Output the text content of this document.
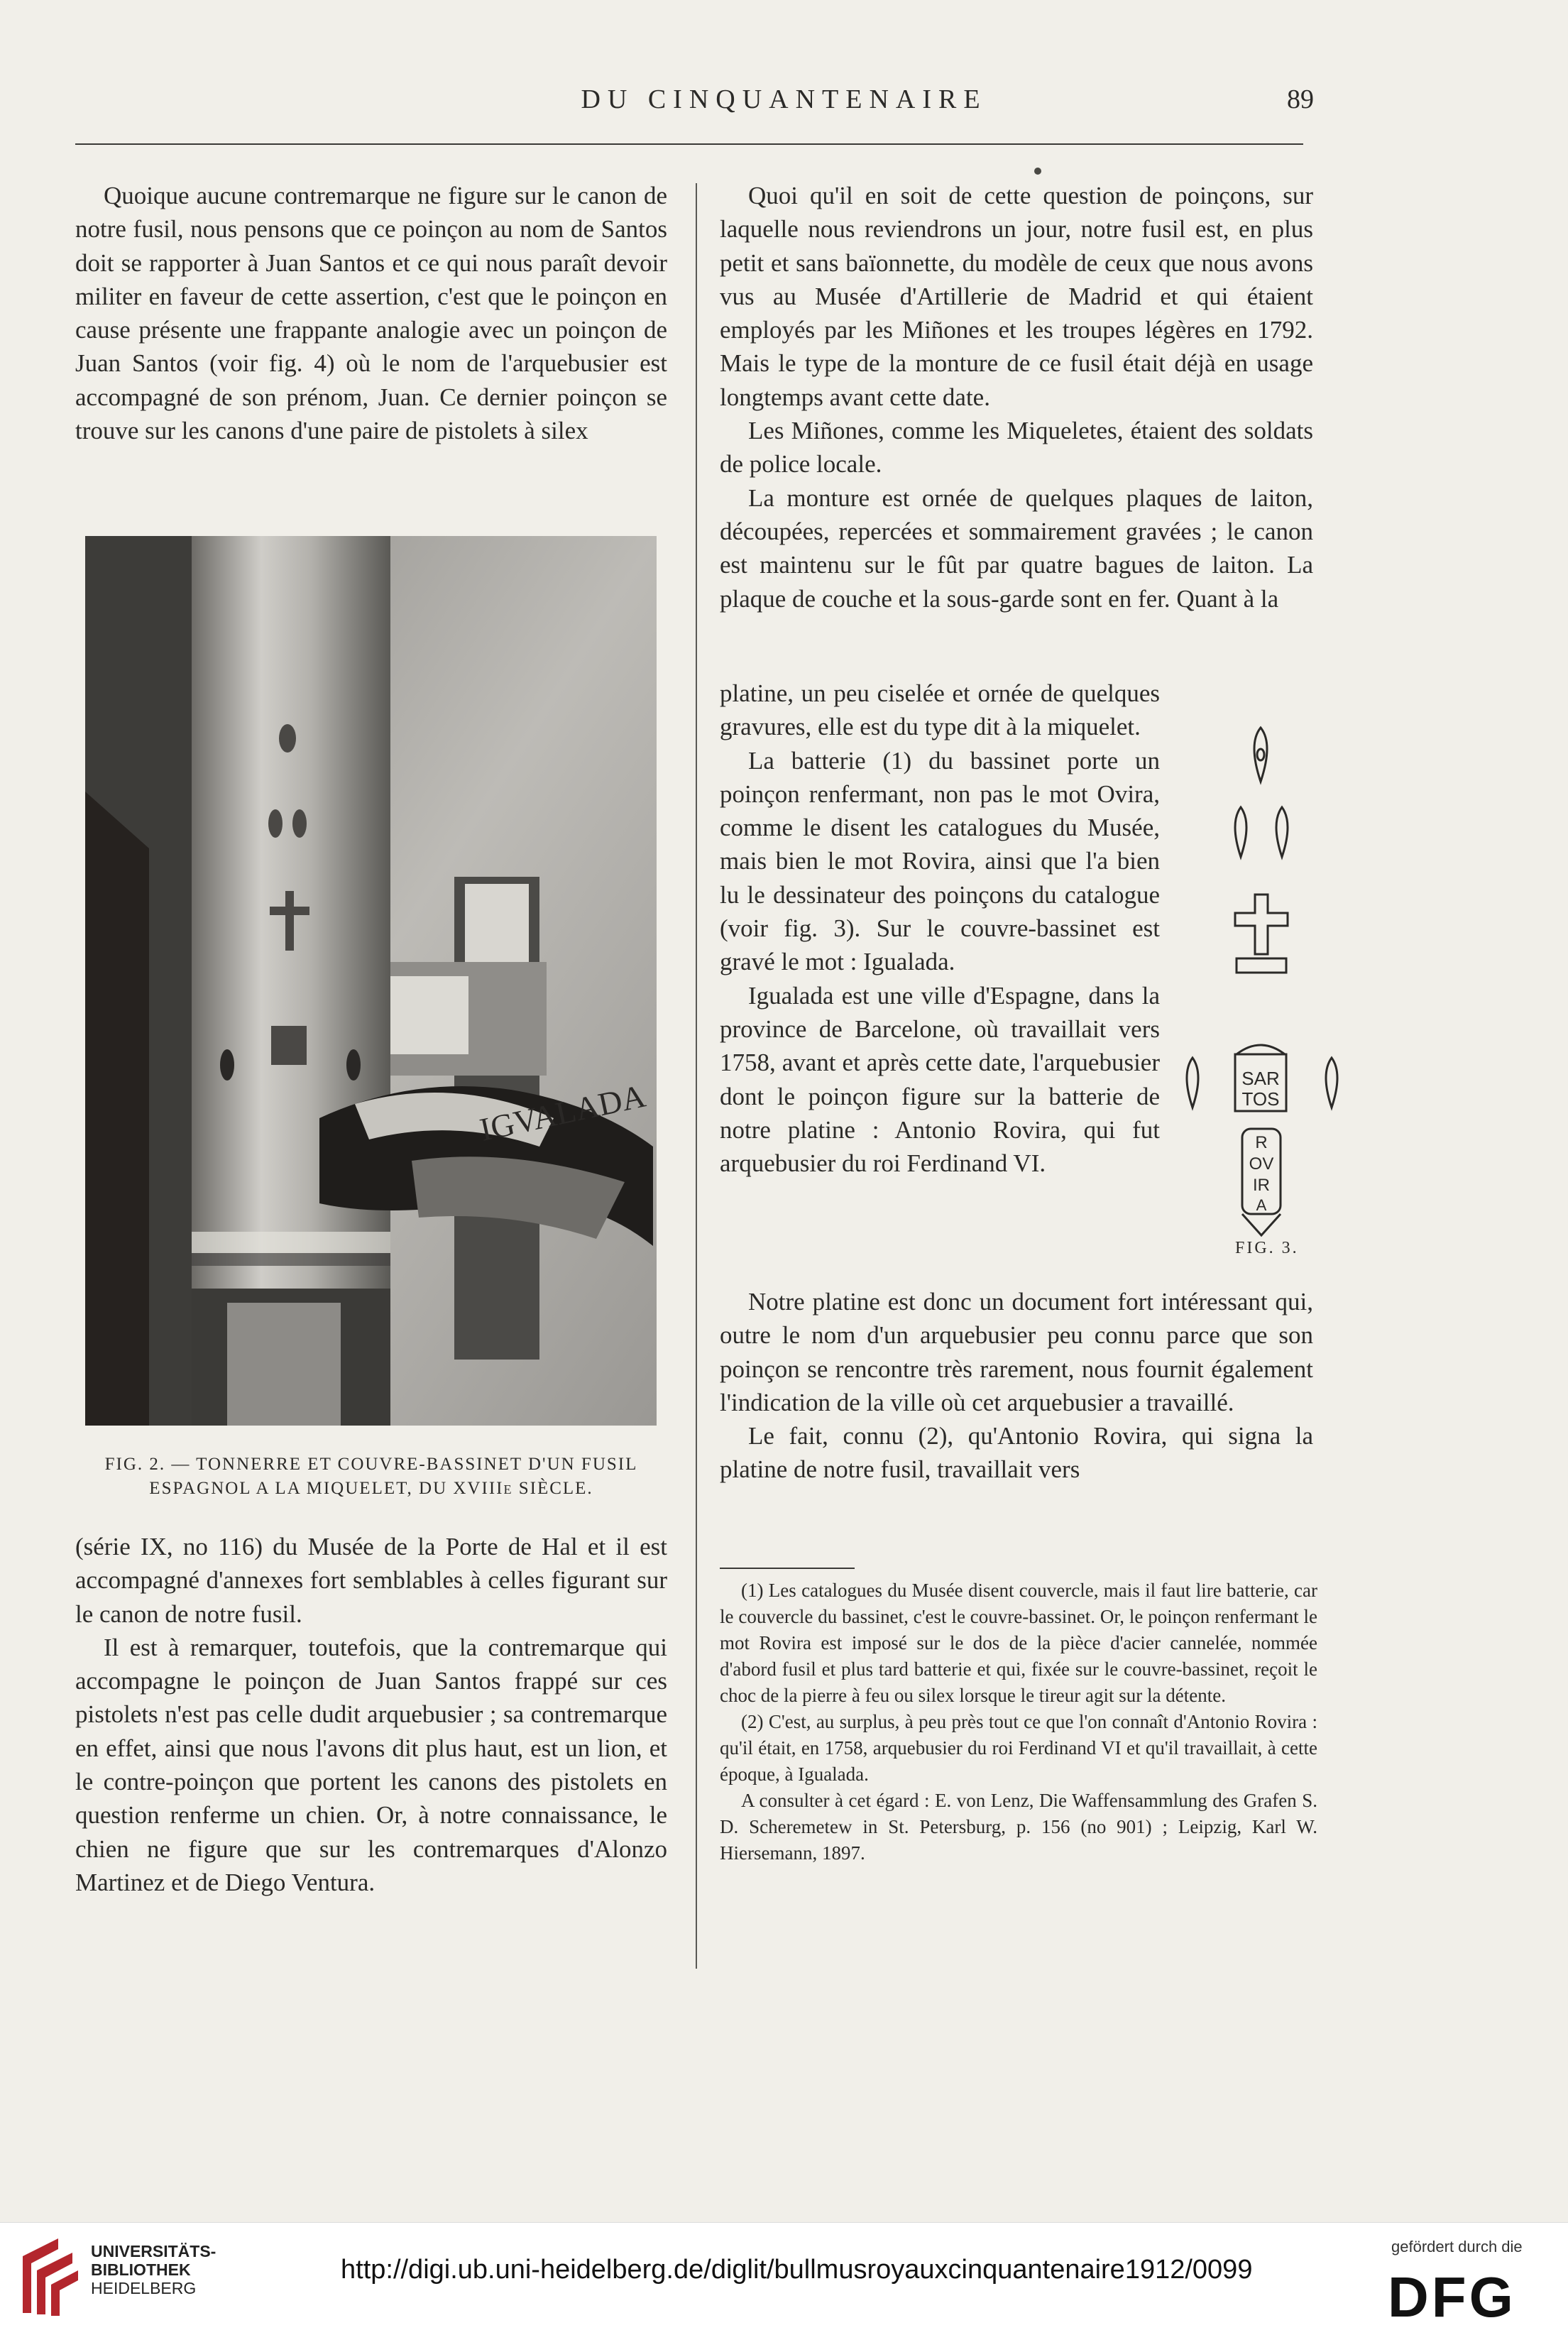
DU CINQUANTENAIRE	89

Quoique aucune contremarque ne figure sur le canon de notre fusil, nous pensons que ce poinçon au nom de Santos doit se rapporter à Juan Santos et ce qui nous paraît devoir militer en faveur de cette assertion, c'est que le poinçon en cause présente une frappante analogie avec un poinçon de Juan Santos (voir fig. 4) où le nom de l'arquebusier est accompagné de son prénom, Juan. Ce dernier poinçon se trouve sur les canons d'une paire de pistolets à silex

IGVALADA
FIG. 2. — TONNERRE ET COUVRE-BASSINET D'UN FUSIL
ESPAGNOL A LA MIQUELET, DU XVIIIe SIÈCLE.

(série IX, no 116) du Musée de la Porte de Hal et il est accompagné d'annexes fort semblables à celles figurant sur le canon de notre fusil.

Il est à remarquer, toutefois, que la contremarque qui accompagne le poinçon de Juan Santos frappé sur ces pistolets n'est pas celle dudit arquebusier ; sa contremarque en effet, ainsi que nous l'avons dit plus haut, est un lion, et le contre-poinçon que portent les canons des pistolets en question renferme un chien. Or, à notre connaissance, le chien ne figure que sur les contremarques d'Alonzo Martinez et de Diego Ventura.

Quoi qu'il en soit de cette question de poinçons, sur laquelle nous reviendrons un jour, notre fusil est, en plus petit et sans baïonnette, du modèle de ceux que nous avons vus au Musée d'Artillerie de Madrid et qui étaient employés par les Miñones et les troupes légères en 1792. Mais le type de la monture de ce fusil était déjà en usage longtemps avant cette date.

Les Miñones, comme les Miqueletes, étaient des soldats de police locale.

La monture est ornée de quelques plaques de laiton, découpées, repercées et sommairement gravées ; le canon est maintenu sur le fût par quatre bagues de laiton. La plaque de couche et la sous-garde sont en fer. Quant à la

platine, un peu ciselée et ornée de quelques gravures, elle est du type dit à la miquelet.

La batterie (1) du bassinet porte un poinçon renfermant, non pas le mot Ovira, comme le disent les catalogues du Musée, mais bien le mot Rovira, ainsi que l'a bien lu le dessinateur des poinçons du catalogue (voir fig. 3). Sur le couvre-bassinet est gravé le mot : Igualada.

Igualada est une ville d'Espagne, dans la province de Barcelone, où travaillait vers 1758, avant et après cette date, l'arquebusier dont le poinçon figure sur la batterie de notre platine : Antonio Rovira, qui fut arquebusier du roi Ferdinand VI.

SAR
TOS
R
OV
IR
A
FIG. 3.

Notre platine est donc un document fort intéressant qui, outre le nom d'un arquebusier peu connu parce que son poinçon se rencontre très rarement, nous fournit également l'indication de la ville où cet arquebusier a travaillé.

Le fait, connu (2), qu'Antonio Rovira, qui signa la platine de notre fusil, travaillait vers

(1) Les catalogues du Musée disent couvercle, mais il faut lire batterie, car le couvercle du bassinet, c'est le couvre-bassinet. Or, le poinçon renfermant le mot Rovira est imposé sur le dos de la pièce d'acier cannelée, nommée d'abord fusil et plus tard batterie et qui, fixée sur le couvre-bassinet, reçoit le choc de la pierre à feu ou silex lorsque le tireur agit sur la détente.

(2) C'est, au surplus, à peu près tout ce que l'on connaît d'Antonio Rovira : qu'il était, en 1758, arquebusier du roi Ferdinand VI et qu'il travaillait, à cette époque, à Igualada.

A consulter à cet égard : E. von Lenz, Die Waffensammlung des Grafen S. D. Scheremetew in St. Petersburg, p. 156 (no 901) ; Leipzig, Karl W. Hiersemann, 1897.

UNIVERSITÄTS-
BIBLIOTHEK
HEIDELBERG
http://digi.ub.uni-heidelberg.de/diglit/bullmusroyauxcinquantenaire1912/0099
gefördert durch die
DFG
